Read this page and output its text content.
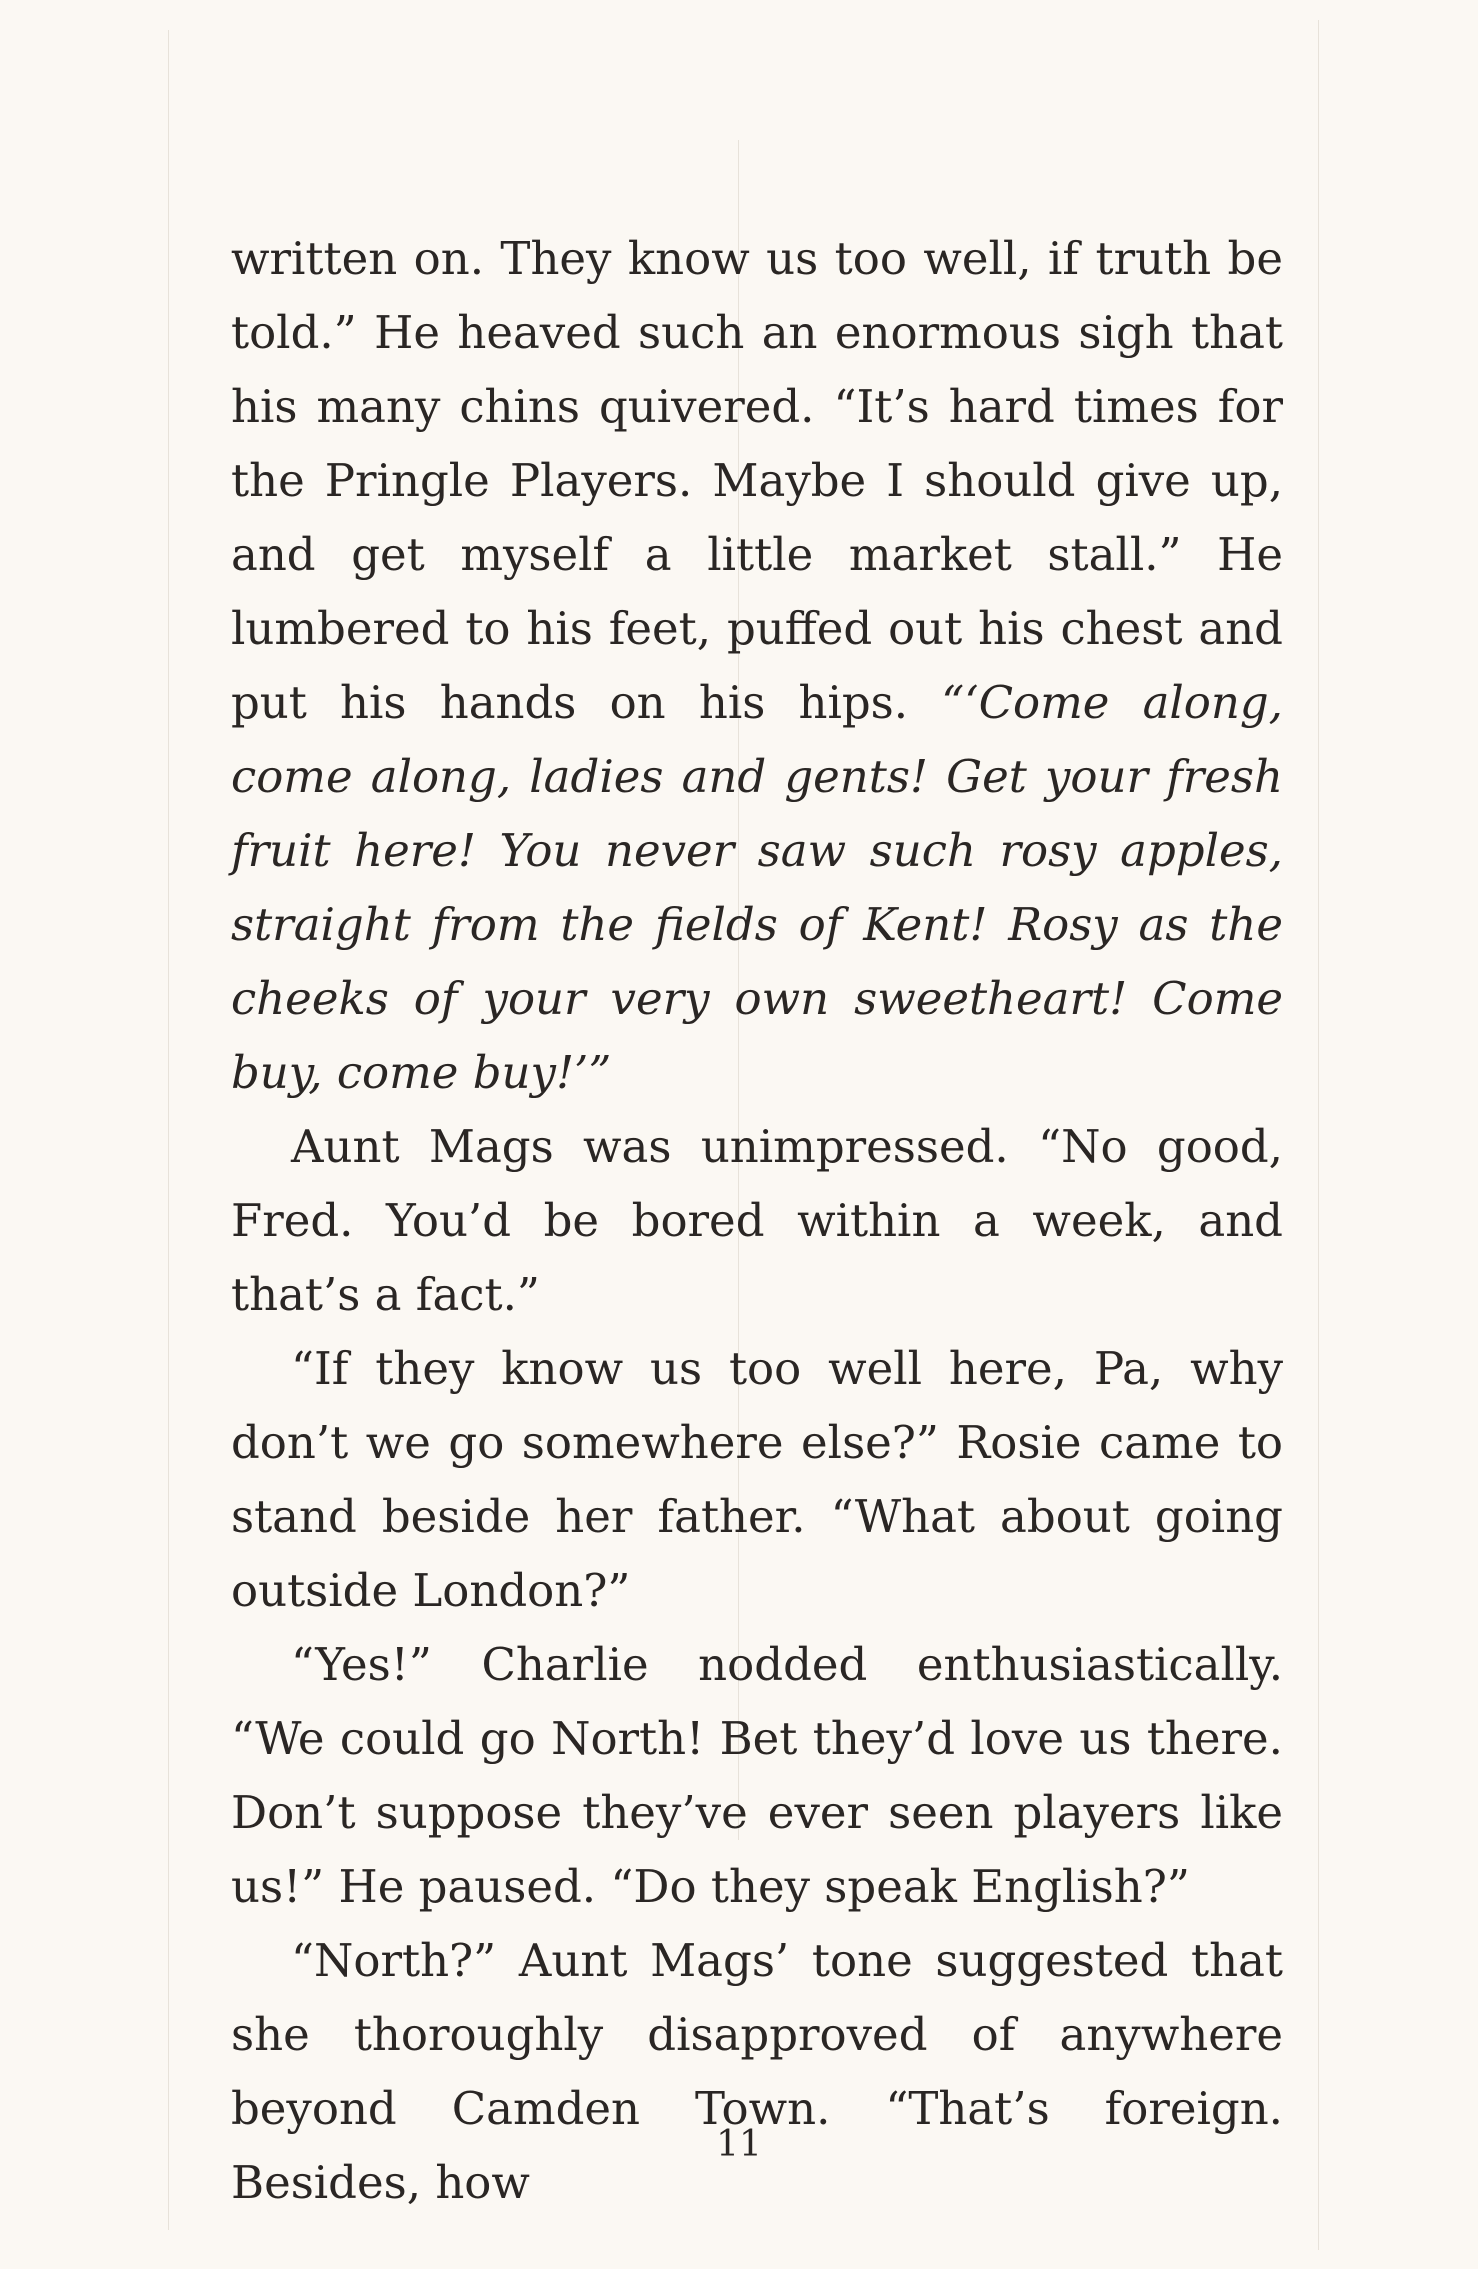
written on. They know us too well, if truth be told.” He heaved such an enormous sigh that his many chins quivered. “It’s hard times for the Pringle Players. Maybe I should give up, and get myself a little market stall.” He lumbered to his feet, puffed out his chest and put his hands on his hips. “‘Come along, come along, ladies and gents! Get your fresh fruit here! You never saw such rosy apples, straight from the fields of Kent! Rosy as the cheeks of your very own sweetheart! Come buy, come buy!’”

Aunt Mags was unimpressed. “No good, Fred. You’d be bored within a week, and that’s a fact.”

“If they know us too well here, Pa, why don’t we go somewhere else?” Rosie came to stand beside her father. “What about going outside London?”

“Yes!” Charlie nodded enthusiastically. “We could go North! Bet they’d love us there. Don’t suppose they’ve ever seen players like us!” He paused. “Do they speak English?”

“North?” Aunt Mags’ tone suggested that she thoroughly disapproved of anywhere beyond Camden Town. “That’s foreign. Besides, how

11
